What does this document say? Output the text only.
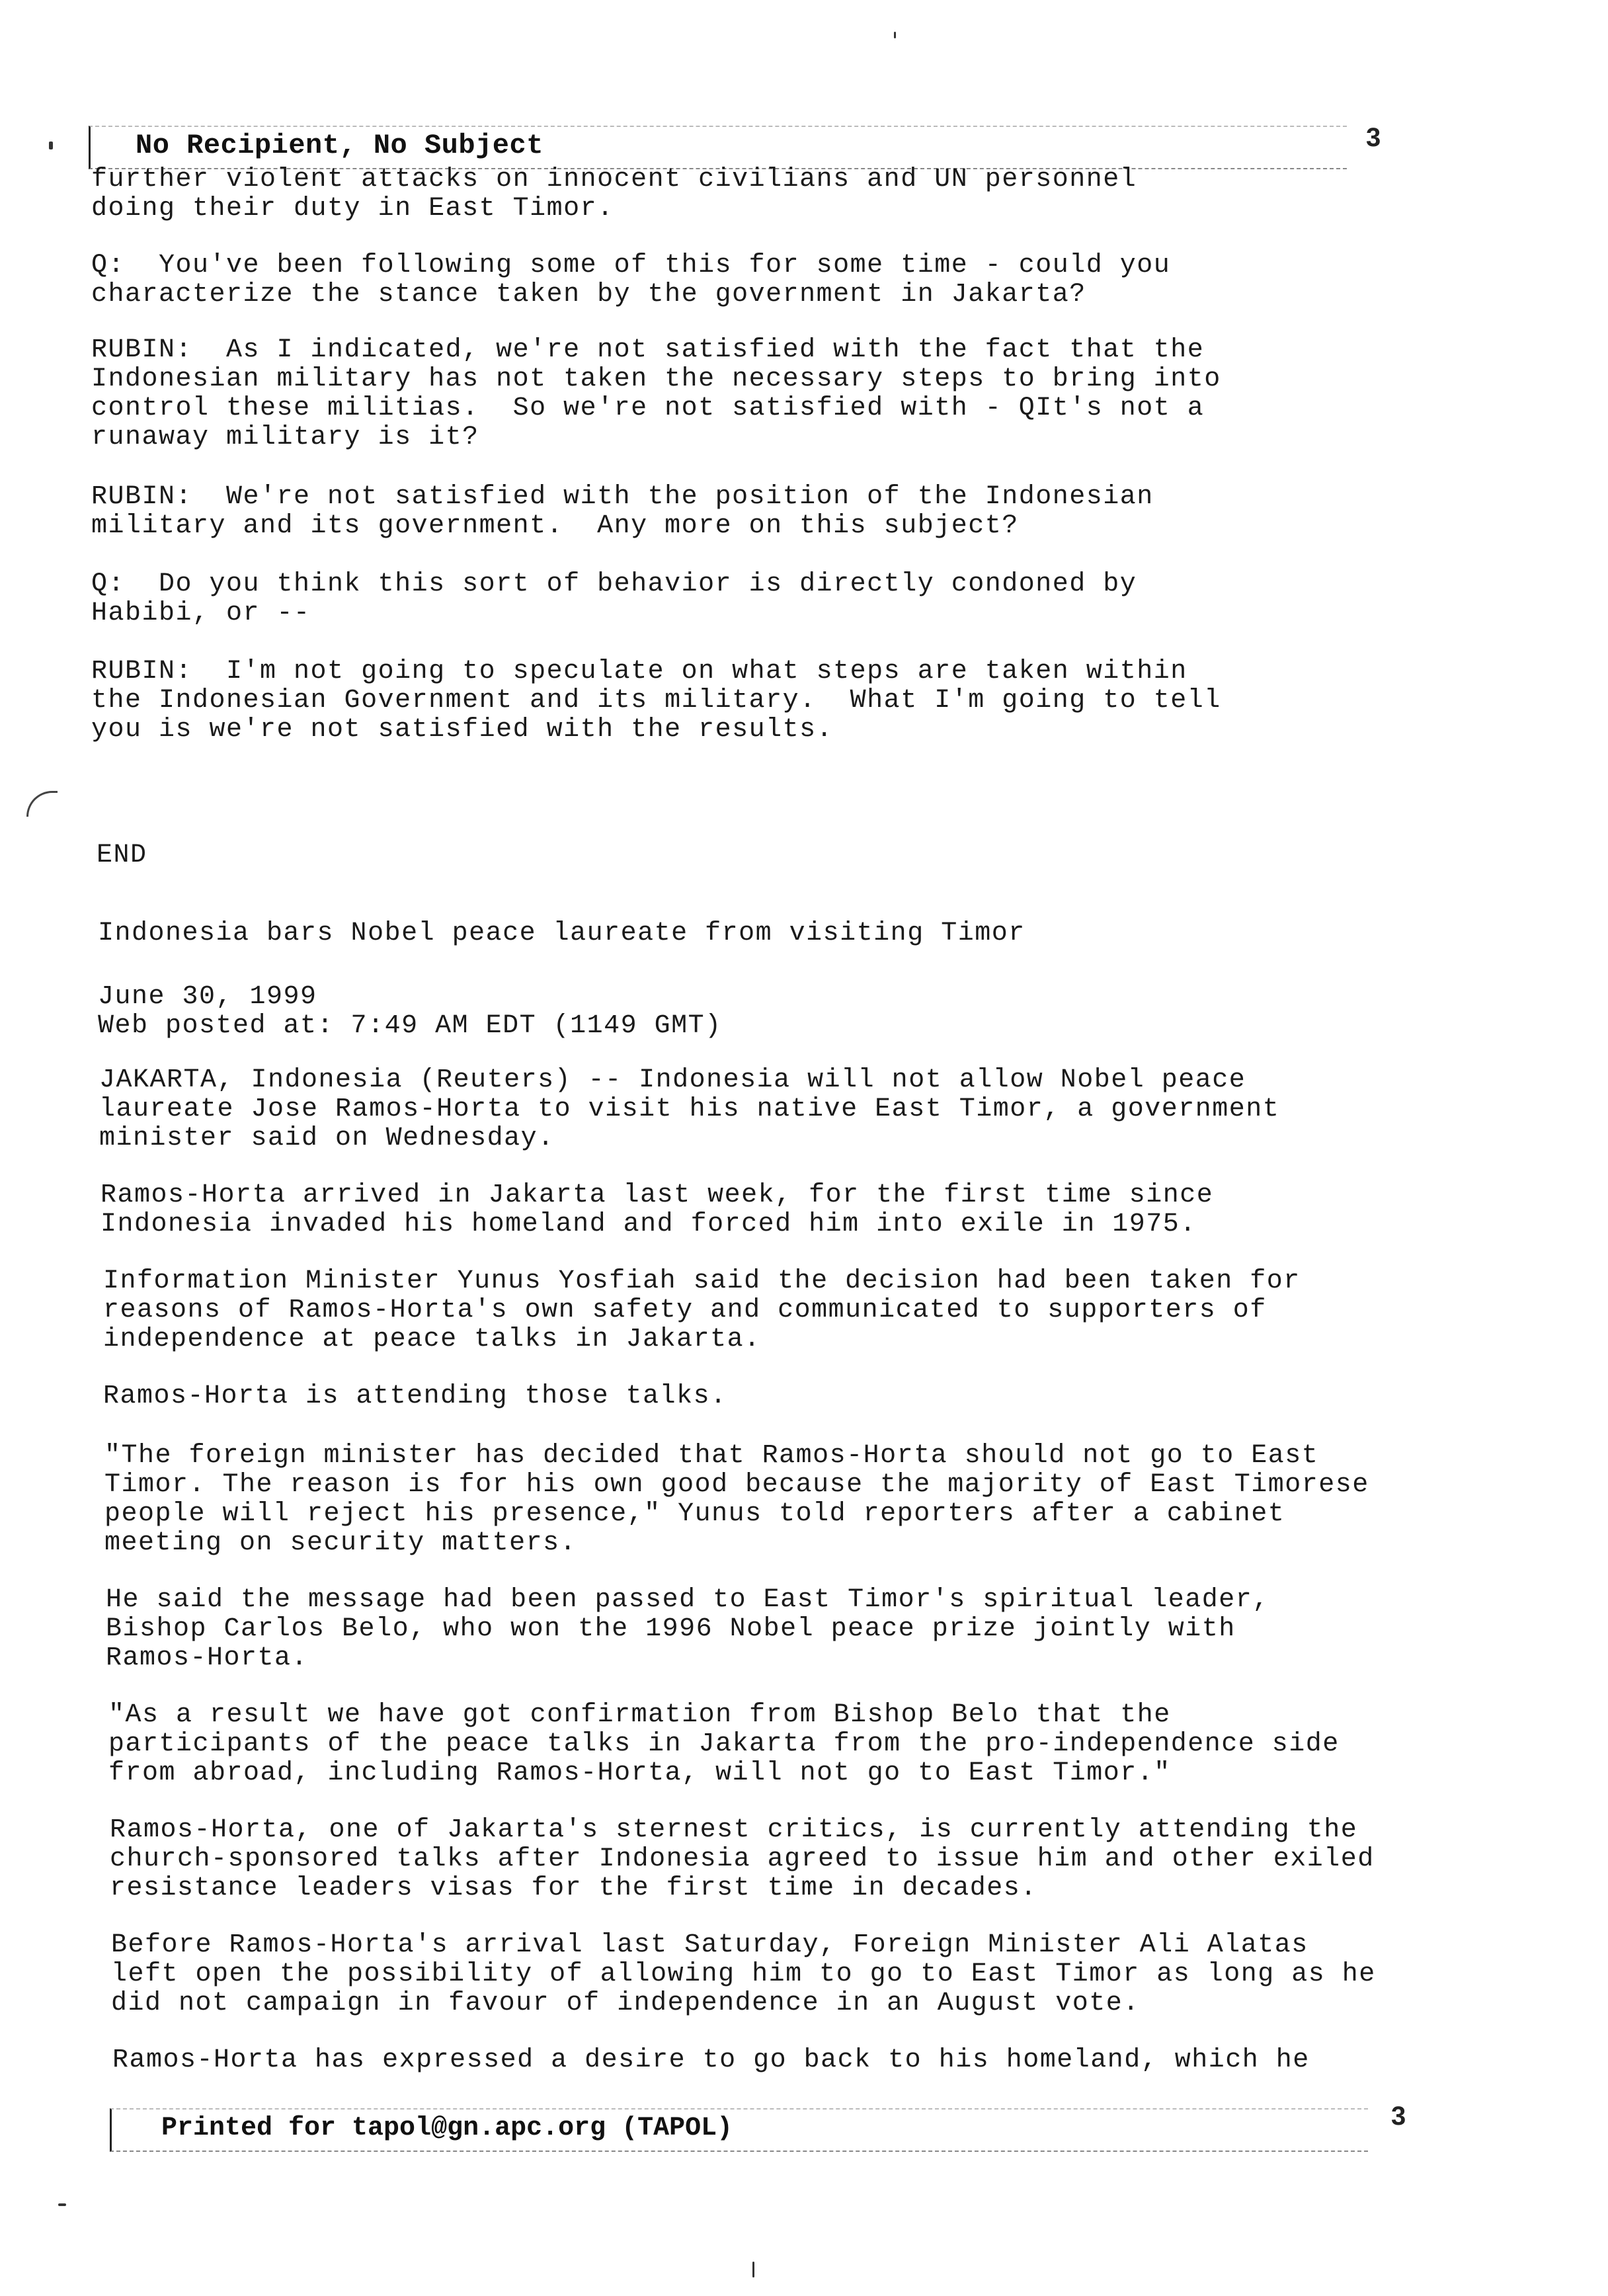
No Recipient, No Subject	3
further violent attacks on innocent civilians and UN personnel
doing their duty in East Timor.
Q:  You've been following some of this for some time - could you
characterize the stance taken by the government in Jakarta?
RUBIN:  As I indicated, we're not satisfied with the fact that the
Indonesian military has not taken the necessary steps to bring into
control these militias.  So we're not satisfied with - QIt's not a
runaway military is it?
RUBIN:  We're not satisfied with the position of the Indonesian
military and its government.  Any more on this subject?
Q:  Do you think this sort of behavior is directly condoned by
Habibi, or --
RUBIN:  I'm not going to speculate on what steps are taken within
the Indonesian Government and its military.  What I'm going to tell
you is we're not satisfied with the results.
END
Indonesia bars Nobel peace laureate from visiting Timor
June 30, 1999
Web posted at: 7:49 AM EDT (1149 GMT)
JAKARTA, Indonesia (Reuters) -- Indonesia will not allow Nobel peace
laureate Jose Ramos-Horta to visit his native East Timor, a government
minister said on Wednesday.
Ramos-Horta arrived in Jakarta last week, for the first time since
Indonesia invaded his homeland and forced him into exile in 1975.
Information Minister Yunus Yosfiah said the decision had been taken for
reasons of Ramos-Horta's own safety and communicated to supporters of
independence at peace talks in Jakarta.
Ramos-Horta is attending those talks.
"The foreign minister has decided that Ramos-Horta should not go to East
Timor. The reason is for his own good because the majority of East Timorese
people will reject his presence," Yunus told reporters after a cabinet
meeting on security matters.
He said the message had been passed to East Timor's spiritual leader,
Bishop Carlos Belo, who won the 1996 Nobel peace prize jointly with
Ramos-Horta.
"As a result we have got confirmation from Bishop Belo that the
participants of the peace talks in Jakarta from the pro-independence side
from abroad, including Ramos-Horta, will not go to East Timor."
Ramos-Horta, one of Jakarta's sternest critics, is currently attending the
church-sponsored talks after Indonesia agreed to issue him and other exiled
resistance leaders visas for the first time in decades.
Before Ramos-Horta's arrival last Saturday, Foreign Minister Ali Alatas
left open the possibility of allowing him to go to East Timor as long as he
did not campaign in favour of independence in an August vote.
Ramos-Horta has expressed a desire to go back to his homeland, which he
Printed for tapol@gn.apc.org (TAPOL)	3
